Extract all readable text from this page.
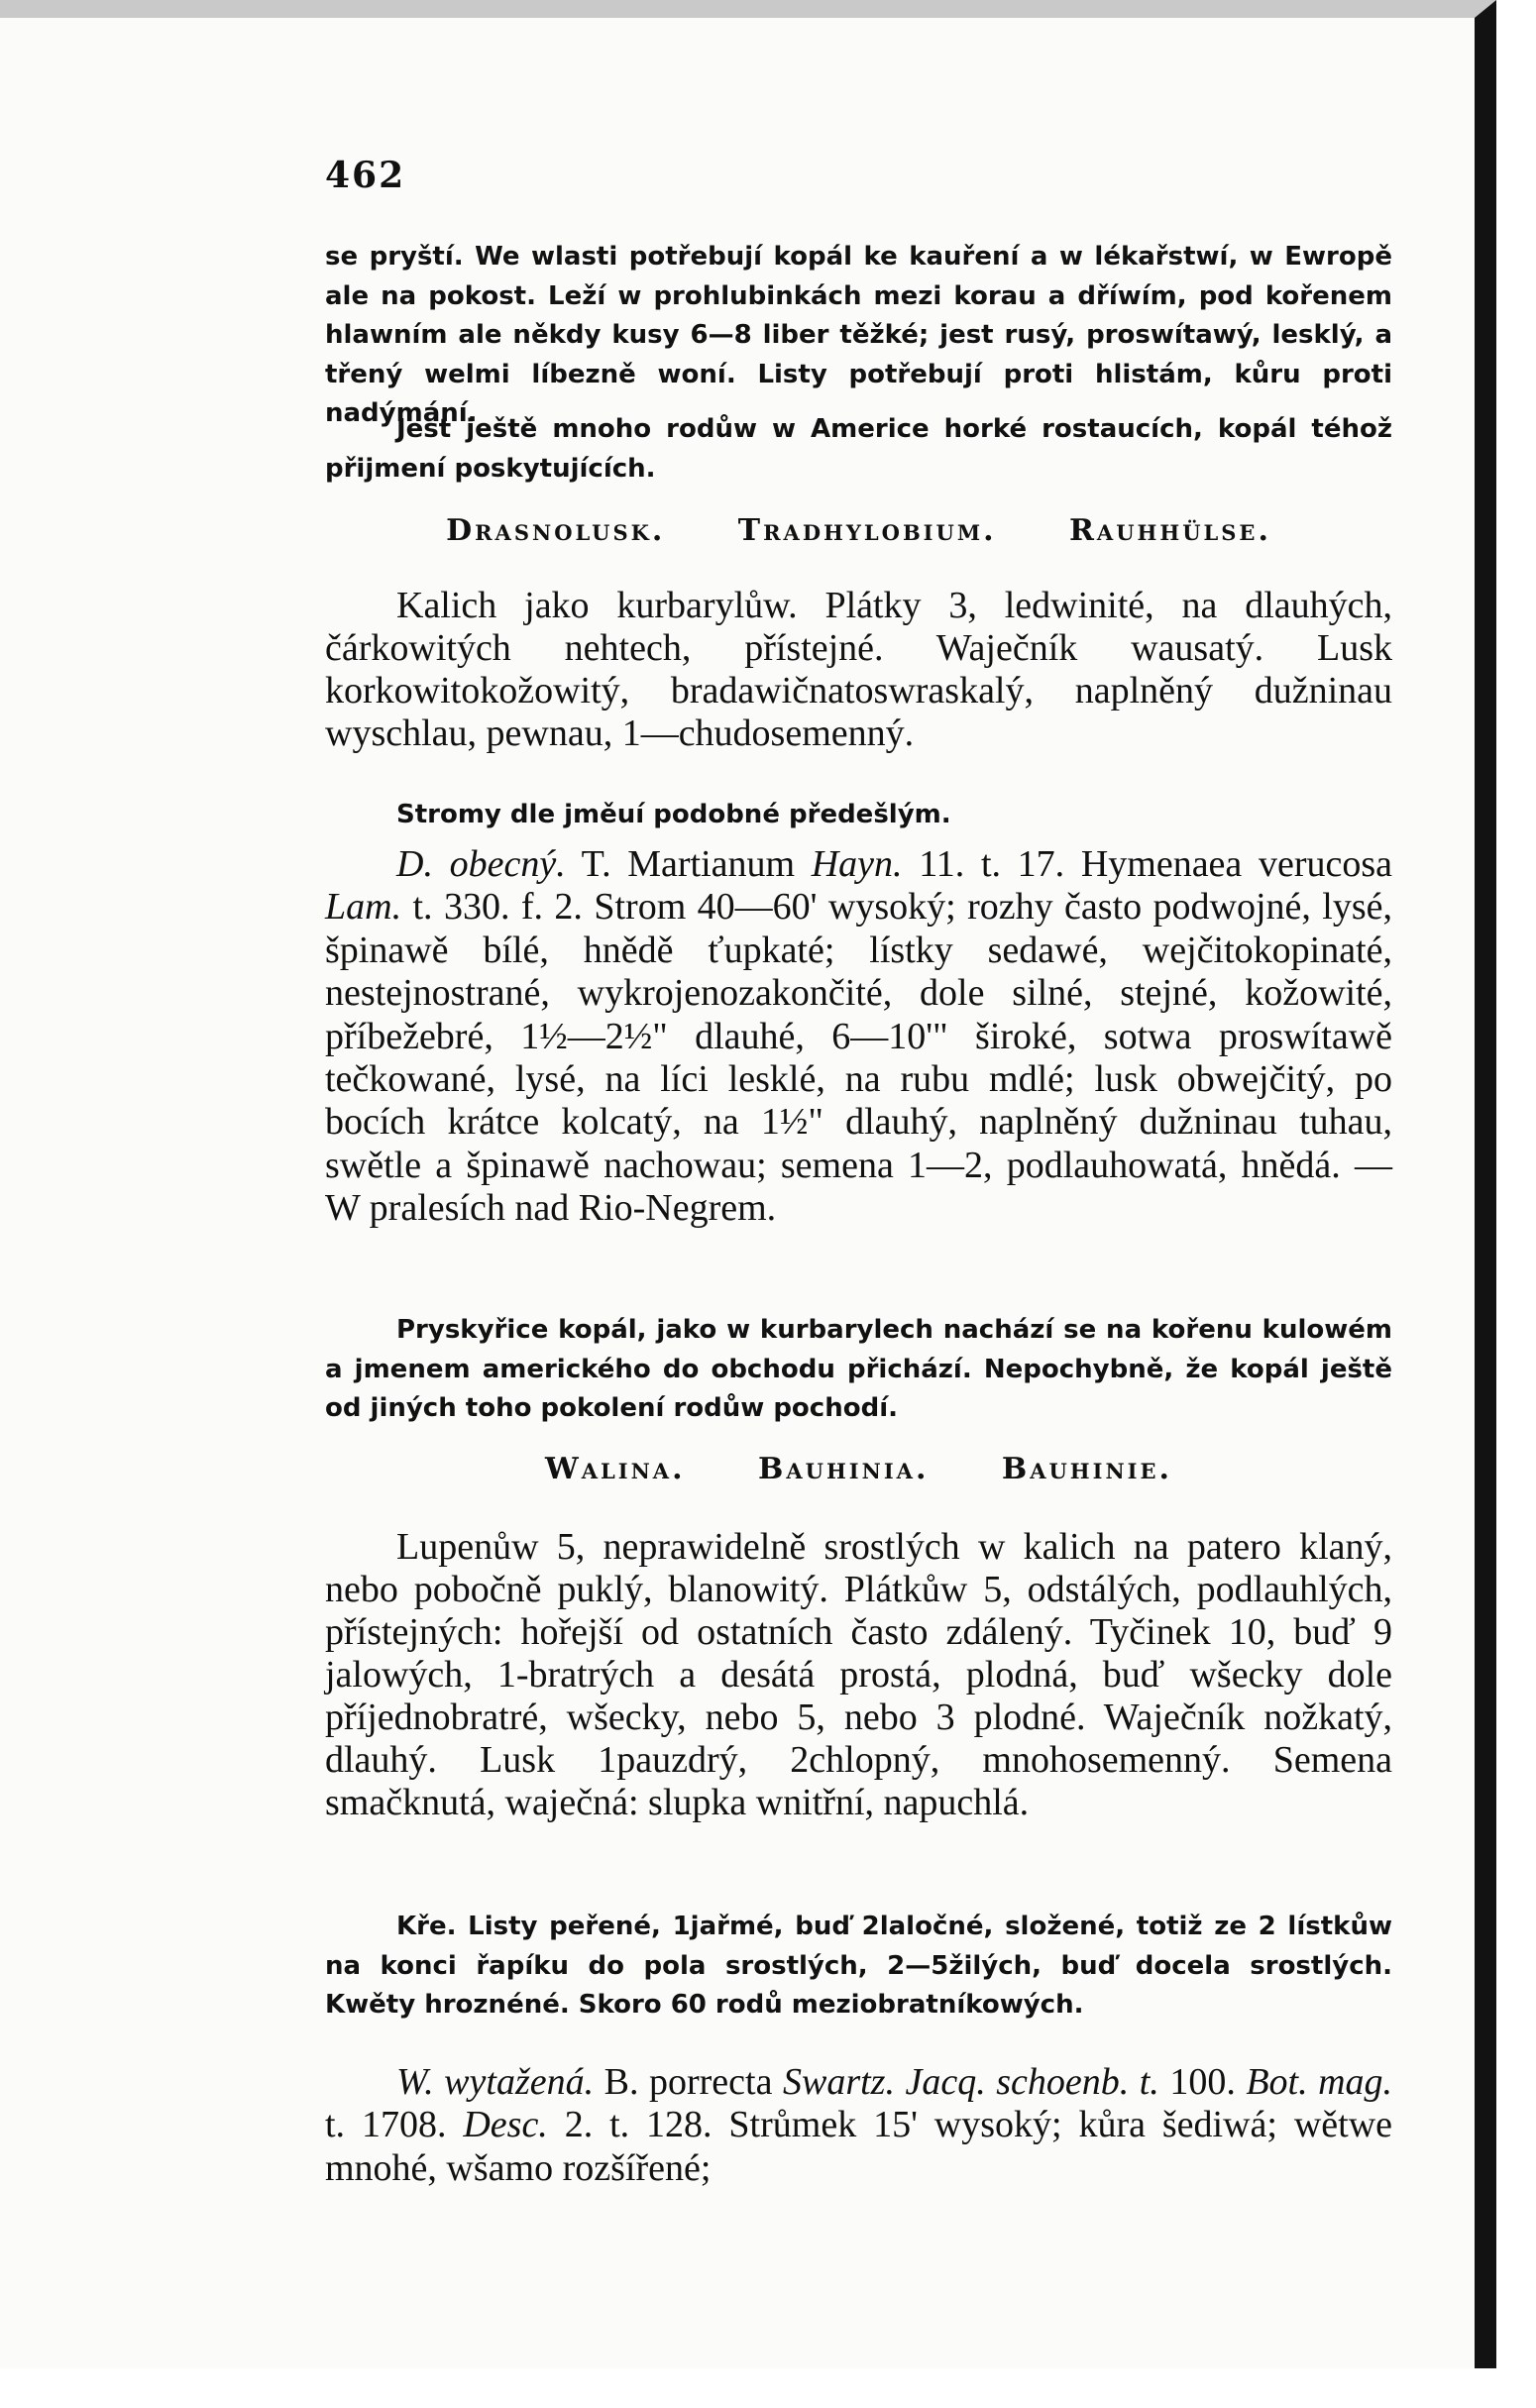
462
se pryští. We wlasti potřebují kopál ke kauření a w lékařstwí, w Ewropě ale na pokost. Leží w prohlubinkách mezi korau a dříwím, pod kořenem hlawním ale někdy kusy 6—8 liber těžké; jest rusý, proswítawý, lesklý, a třený welmi líbezně woní. Listy potřebují proti hlistám, kůru proti nadýmání.
Jest ještě mnoho rodůw w Americe horké rostaucích, kopál téhož přijmení poskytujících.
Drasnolusk. Tradhylobium. Rauhhülse.
Kalich jako kurbarylůw. Plátky 3, ledwinité, na dlauhých, čárkowitých nehtech, přístejné. Waječník wausatý. Lusk korkowitokožowitý, bradawičnatoswraskalý, naplněný dužninau wyschlau, pewnau, 1—chudosemenný.
Stromy dle jměuí podobné předešlým.
D. obecný. T. Martianum Hayn. 11. t. 17. Hymenaea verucosa Lam. t. 330. f. 2. Strom 40—60' wysoký; rozhy často podwojné, lysé, špinawě bílé, hnědě ťupkaté; lístky sedawé, wejčitokopinaté, nestejnostrané, wykrojenozakončité, dole silné, stejné, kožowité, příbežebré, 1½—2½" dlauhé, 6—10'" široké, sotwa proswítawě tečkowané, lysé, na líci lesklé, na rubu mdlé; lusk obwejčitý, po bocích krátce kolcatý, na 1½" dlauhý, naplněný dužninau tuhau, swětle a špinawě nachowau; semena 1—2, podlauhowatá, hnědá. — W pralesích nad Rio-Negrem.
Pryskyřice kopál, jako w kurbarylech nachází se na kořenu kulowém a jmenem amerického do obchodu přichází. Nepochybně, že kopál ještě od jiných toho pokolení rodůw pochodí.
Walina. Bauhinia. Bauhinie.
Lupenůw 5, neprawidelně srostlých w kalich na patero klaný, nebo pobočně puklý, blanowitý. Plátkůw 5, odstálých, podlauhlých, přístejných: hořejší od ostatních často zdálený. Tyčinek 10, buď 9 jalowých, 1-bratrých a desátá prostá, plodná, buď wšecky dole příjednobratré, wšecky, nebo 5, nebo 3 plodné. Waječník nožkatý, dlauhý. Lusk 1pauzdrý, 2chlopný, mnohosemenný. Semena smačknutá, waječná: slupka wnitřní, napuchlá.
Kře. Listy peřené, 1jařmé, buď 2laločné, složené, totiž ze 2 lístkůw na konci řapíku do pola srostlých, 2—5žilých, buď docela srostlých. Kwěty hroznéné. Skoro 60 rodů meziobratníkowých.
W. wytažená. B. porrecta Swartz. Jacq. schoenb. t. 100. Bot. mag. t. 1708. Desc. 2. t. 128. Strůmek 15' wysoký; kůra šediwá; wětwe mnohé, wšamo rozšířené;
